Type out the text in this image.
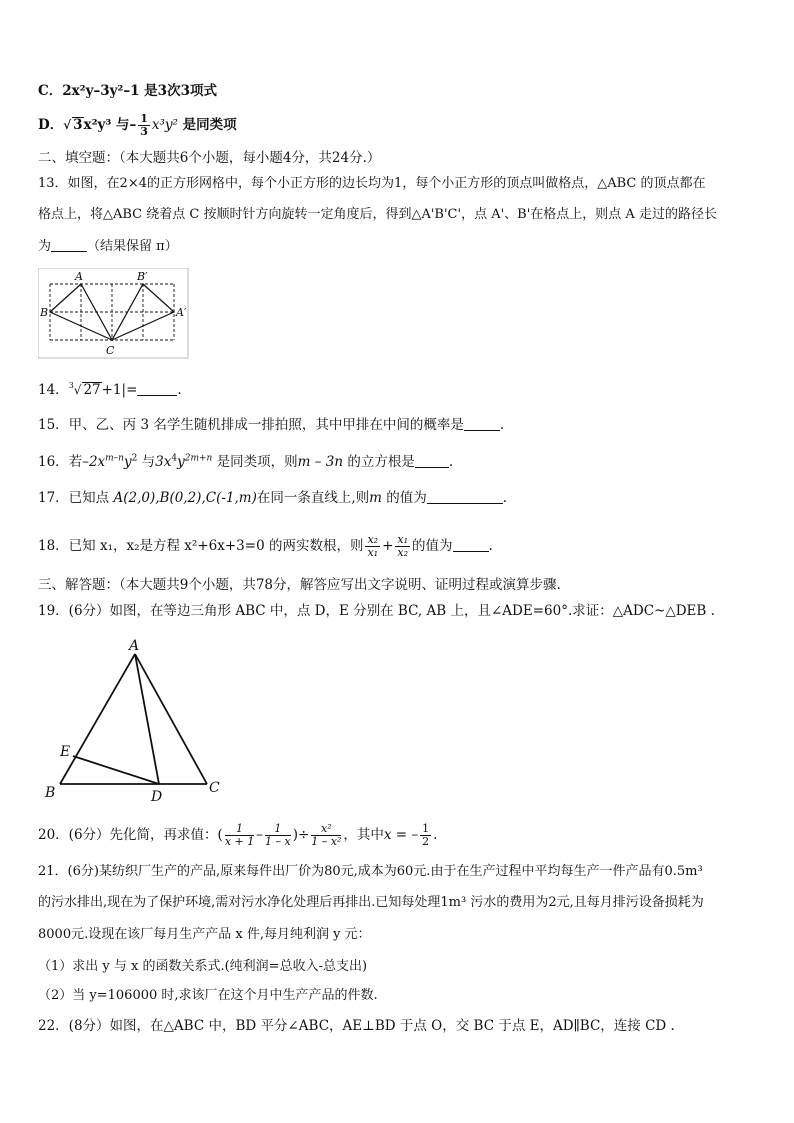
C．2x²y–3y²–1 是3次3项式
D．√ 3x²y³ 与– $\frac{1}{3} x^3y^2$ 是同类项
二、填空题：（本大题共6个小题，每小题4分，共24分.）
13．如图，在2×4的正方形网格中，每个小正方形的边长均为1，每个小正方形的顶点叫做格点，△ABC 的顶点都在
格点上，将△ABC 绕着点 C 按顺时针方向旋转一定角度后，得到△A'B'C'，点 A'、B'在格点上，则点 A 走过的路径长
为	（结果保留 π）
A	B′
B	A′
C
14．$^3$√ 27+1|=	.
15．甲、乙、丙 3 名学生随机排成一排拍照，其中甲排在中间的概率是	.
16．若$-2x^{m-n}y^2$ 与$3x^4y^{2m+n}$ 是同类项，则m – 3n 的立方根是	.
17．已知点 A(2,0),B(0,2),C(-1,m)在同一条直线上,则m 的值为	.
18．已知 x₁，x₂是方程 x²+6x+3=0 的两实数根，则 $\frac{\text{x₂}}{\text{x₁}} + \frac{\text{x₁}}{\text{x₂}}$ 的值为	.
三、解答题：（本大题共9个小题，共78分，解答应写出文字说明、证明过程或演算步骤.
19．(6分）如图，在等边三角形 ABC 中，点 D，E 分别在 BC, AB 上，且∠ADE=60°.求证：△ADC~△DEB .
A
E
B	D
C
20．(6分）先化简，再求值：( $\frac{1}{x + 1} - \frac{1}{1 - x}$ )÷ $\frac{\text{x²}}{\text{1 – x²}}$ ，其中x = – $\frac{1}{2}$ .
21．(6分)某纺织厂生产的产品,原来每件出厂价为80元,成本为60元.由于在生产过程中平均每生产一件产品有0.5m³
的污水排出,现在为了保护环境,需对污水净化处理后再排出.已知每处理1m³ 污水的费用为2元,且每月排污设备损耗为
8000元.设现在该厂每月生产产品 x 件,每月纯利润 y 元：
（1）求出 y 与 x 的函数关系式.(纯利润=总收入-总支出)
（2）当 y=106000 时,求该厂在这个月中生产产品的件数.
22．(8分）如图，在△ABC 中，BD 平分∠ABC，AE⊥BD 于点 O，交 BC 于点 E，AD∥BC，连接 CD .
